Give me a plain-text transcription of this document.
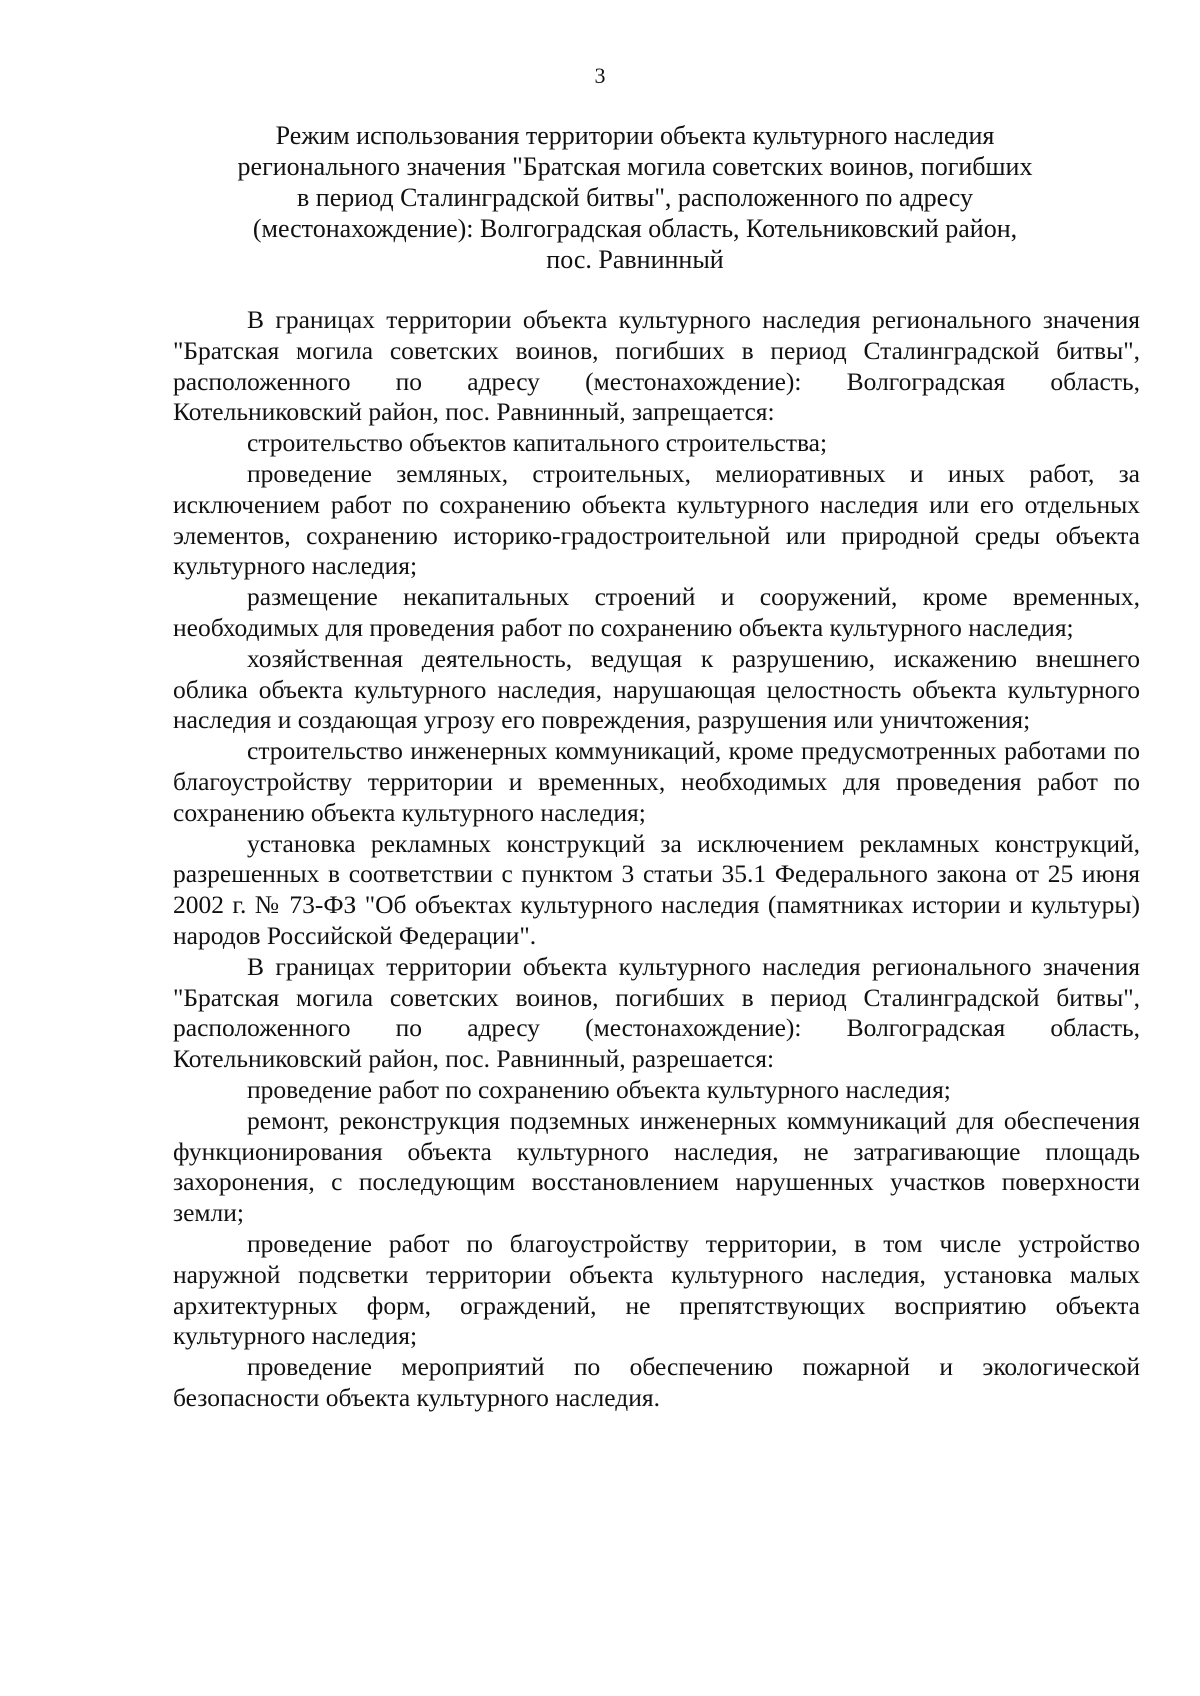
3
Режим использования территории объекта культурного наследия
регионального значения "Братская могила советских воинов, погибших
в период Сталинградской битвы", расположенного по адресу
(местонахождение): Волгоградская область, Котельниковский район,
пос. Равнинный

В границах территории объекта культурного наследия регионального значения "Братская могила советских воинов, погибших в период Сталинградской битвы", расположенного по адресу (местонахождение): Волгоградская область, Котельниковский район, пос. Равнинный, запрещается:

строительство объектов капитального строительства;

проведение земляных, строительных, мелиоративных и иных работ, за исключением работ по сохранению объекта культурного наследия или его отдельных элементов, сохранению историко-градостроительной или природной среды объекта культурного наследия;

размещение некапитальных строений и сооружений, кроме временных, необходимых для проведения работ по сохранению объекта культурного наследия;

хозяйственная деятельность, ведущая к разрушению, искажению внешнего облика объекта культурного наследия, нарушающая целостность объекта культурного наследия и создающая угрозу его повреждения, разрушения или уничтожения;

строительство инженерных коммуникаций, кроме предусмотренных работами по благоустройству территории и временных, необходимых для проведения работ по сохранению объекта культурного наследия;

установка рекламных конструкций за исключением рекламных конструкций, разрешенных в соответствии с пунктом 3 статьи 35.1 Федерального закона от 25 июня 2002 г. № 73-ФЗ "Об объектах культурного наследия (памятниках истории и культуры) народов Российской Федерации".

В границах территории объекта культурного наследия регионального значения "Братская могила советских воинов, погибших в период Сталинградской битвы", расположенного по адресу (местонахождение): Волгоградская область, Котельниковский район, пос. Равнинный, разрешается:

проведение работ по сохранению объекта культурного наследия;

ремонт, реконструкция подземных инженерных коммуникаций для обеспечения функционирования объекта культурного наследия, не затрагивающие площадь захоронения, с последующим восстановлением нарушенных участков поверхности земли;

проведение работ по благоустройству территории, в том числе устройство наружной подсветки территории объекта культурного наследия, установка малых архитектурных форм, ограждений, не препятствующих восприятию объекта культурного наследия;

проведение мероприятий по обеспечению пожарной и экологической безопасности объекта культурного наследия.
